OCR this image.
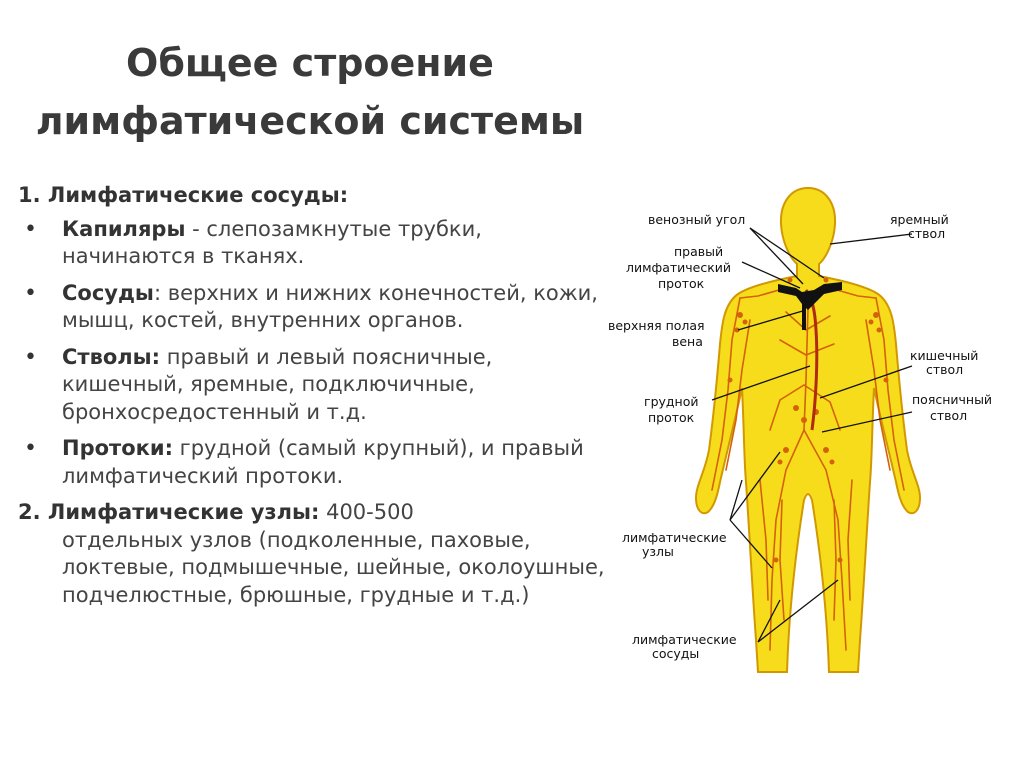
Общее строение
лимфатической системы
1. Лимфатические сосуды:
• Капиляры - слепозамкнутые трубки, начинаются в тканях.
• Сосуды: верхних и нижних конечностей, кожи, мышц, костей, внутренних органов.
• Стволы: правый и левый поясничные, кишечный, яремные, подключичные, бронхосредостенный и т.д.
• Протоки: грудной (самый крупный), и правый лимфатический протоки.
2. Лимфатические узлы: 400-500
отдельных узлов (подколенные, паховые, локтевые, подмышечные, шейные, околоушные, подчелюстные, брюшные, грудные и т.д.)
венозный угол	яремный
ствол
правый
лимфатический
проток
верхняя полая
вена
кишечный
ствол
грудной
проток
поясничный
ствол
лимфатические
узлы
лимфатические
сосуды
